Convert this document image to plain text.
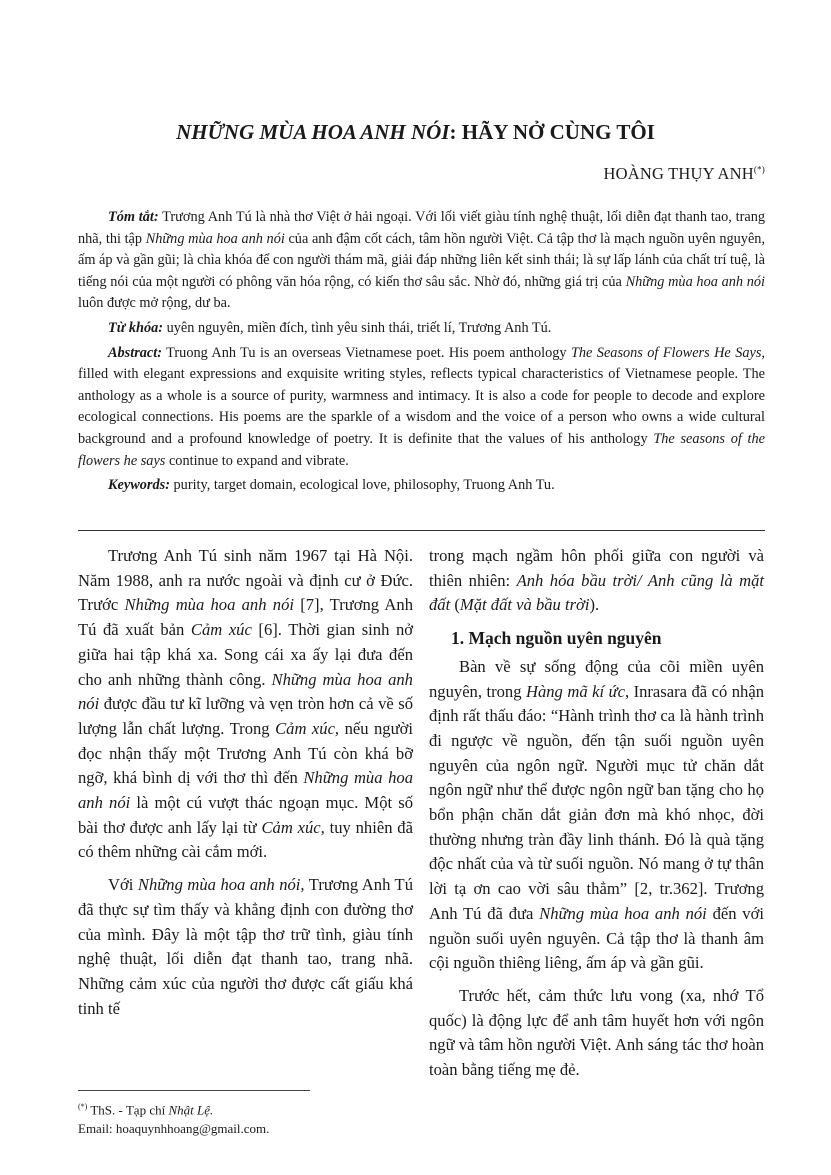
NHỮNG MÙA HOA ANH NÓI: HÃY NỞ CÙNG TÔI
HOÀNG THỤY ANH(*)

Tóm tắt: Trương Anh Tú là nhà thơ Việt ở hải ngoại. Với lối viết giàu tính nghệ thuật, lối diễn đạt thanh tao, trang nhã, thi tập Những mùa hoa anh nói của anh đậm cốt cách, tâm hồn người Việt. Cả tập thơ là mạch nguồn uyên nguyên, ấm áp và gần gũi; là chìa khóa để con người thám mã, giải đáp những liên kết sinh thái; là sự lấp lánh của chất trí tuệ, là tiếng nói của một người có phông văn hóa rộng, có kiến thơ sâu sắc. Nhờ đó, những giá trị của Những mùa hoa anh nói luôn được mở rộng, dư ba.

Từ khóa: uyên nguyên, miền đích, tình yêu sinh thái, triết lí, Trương Anh Tú.

Abstract: Truong Anh Tu is an overseas Vietnamese poet. His poem anthology The Seasons of Flowers He Says, filled with elegant expressions and exquisite writing styles, reflects typical characteristics of Vietnamese people. The anthology as a whole is a source of purity, warmness and intimacy. It is also a code for people to decode and explore ecological connections. His poems are the sparkle of a wisdom and the voice of a person who owns a wide cultural background and a profound knowledge of poetry. It is definite that the values of his anthology The seasons of the flowers he says continue to expand and vibrate.

Keywords: purity, target domain, ecological love, philosophy, Truong Anh Tu.

Trương Anh Tú sinh năm 1967 tại Hà Nội. Năm 1988, anh ra nước ngoài và định cư ở Đức. Trước Những mùa hoa anh nói [7], Trương Anh Tú đã xuất bản Cảm xúc [6]. Thời gian sinh nở giữa hai tập khá xa. Song cái xa ấy lại đưa đến cho anh những thành công. Những mùa hoa anh nói được đầu tư kĩ lưỡng và vẹn tròn hơn cả về số lượng lẫn chất lượng. Trong Cảm xúc, nếu người đọc nhận thấy một Trương Anh Tú còn khá bỡ ngỡ, khá bình dị với thơ thì đến Những mùa hoa anh nói là một cú vượt thác ngoạn mục. Một số bài thơ được anh lấy lại từ Cảm xúc, tuy nhiên đã có thêm những cài cắm mới.

Với Những mùa hoa anh nói, Trương Anh Tú đã thực sự tìm thấy và khẳng định con đường thơ của mình. Đây là một tập thơ trữ tình, giàu tính nghệ thuật, lối diễn đạt thanh tao, trang nhã. Những cảm xúc của người thơ được cất giấu khá tinh tế

trong mạch ngầm hôn phối giữa con người và thiên nhiên: Anh hóa bầu trời/ Anh cũng là mặt đất (Mặt đất và bầu trời).

1. Mạch nguồn uyên nguyên

Bàn về sự sống động của cõi miền uyên nguyên, trong Hàng mã kí ức, Inrasara đã có nhận định rất thấu đáo: “Hành trình thơ ca là hành trình đi ngược về nguồn, đến tận suối nguồn uyên nguyên của ngôn ngữ. Người mục tử chăn dắt ngôn ngữ như thể được ngôn ngữ ban tặng cho họ bổn phận chăn dắt giản đơn mà khó nhọc, đời thường nhưng tràn đầy linh thánh. Đó là quà tặng độc nhất của và từ suối nguồn. Nó mang ở tự thân lời tạ ơn cao vời sâu thẳm” [2, tr.362]. Trương Anh Tú đã đưa Những mùa hoa anh nói đến với nguồn suối uyên nguyên. Cả tập thơ là thanh âm cội nguồn thiêng liêng, ấm áp và gần gũi.

Trước hết, cảm thức lưu vong (xa, nhớ Tổ quốc) là động lực để anh tâm huyết hơn với ngôn ngữ và tâm hồn người Việt. Anh sáng tác thơ hoàn toàn bằng tiếng mẹ đẻ.

(*) ThS. - Tạp chí Nhật Lệ.
Email: hoaquynhhoang@gmail.com.
